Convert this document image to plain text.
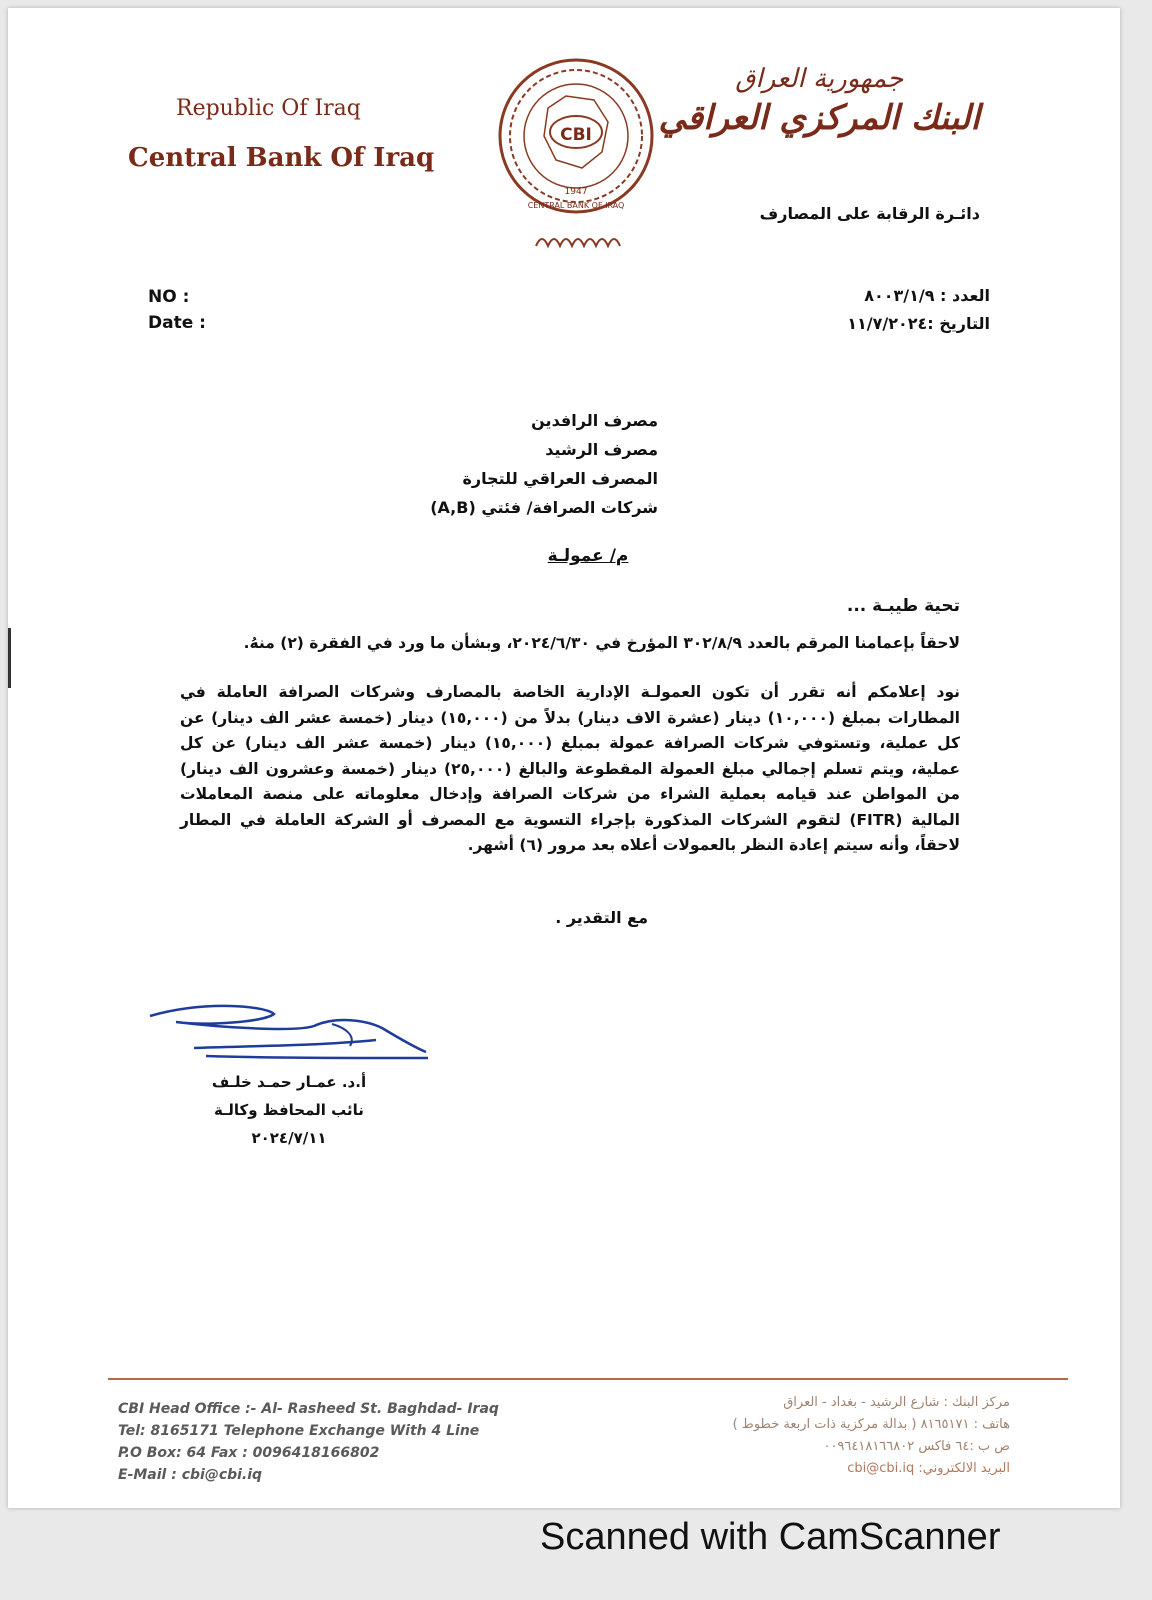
Republic Of Iraq
Central Bank Of Iraq
CBI
1947
CENTRAL BANK OF IRAQ
جمهورية العراق
البنك المركزي العراقي
دائـرة الرقابة على المصارف
NO :
Date :
العدد : ٨٠٠٣/١/٩
التاريخ :١١/٧/٢٠٢٤
مصرف الرافدين
مصرف الرشيد
المصرف العراقي للتجارة
شركات الصرافة/ فئتي (A,B)
م/ عمولـة
تحية طيبـة ...
لاحقاً بإعمامنا المرقم بالعدد ٣٠٢/٨/٩ المؤرخ في ٢٠٢٤/٦/٣٠، وبشأن ما ورد في الفقرة (٢) منهُ.
نود إعلامكم أنه تقرر أن تكون العمولـة الإدارية الخاصة بالمصارف وشركات الصرافة العاملة في المطارات بمبلغ (١٠,٠٠٠) دينار (عشرة الاف دينار) بدلاً من (١٥,٠٠٠) دينار (خمسة عشر الف دينار) عن كل عملية، وتستوفي شركات الصرافة عمولة بمبلغ (١٥,٠٠٠) دينار (خمسة عشر الف دينار) عن كل عملية، ويتم تسلم إجمالي مبلغ العمولة المقطوعة والبالغ (٢٥,٠٠٠) دينار (خمسة وعشرون الف دينار) من المواطن عند قيامه بعملية الشراء من شركات الصرافة وإدخال معلوماته على منصة المعاملات المالية (FITR) لتقوم الشركات المذكورة بإجراء التسوية مع المصرف أو الشركة العاملة في المطار لاحقاً، وأنه سيتم إعادة النظر بالعمولات أعلاه بعد مرور (٦) أشهر.
مع التقدير .
أ.د. عمـار حمـد خلـف
نائب المحافظ وكالـة
٢٠٢٤/٧/١١
CBI Head Office :- Al- Rasheed St. Baghdad- Iraq
Tel: 8165171 Telephone Exchange With 4 Line
P.O Box: 64 Fax : 0096418166802
E-Mail : cbi@cbi.iq
مركز البنك : شارع الرشيد - بغداد - العراق
هاتف : ٨١٦٥١٧١ ( بدالة مركزية ذات اربعة خطوط )
ص ب :٦٤ فاكس ٠٠٩٦٤١٨١٦٦٨٠٢
البريد الالكتروني: cbi@cbi.iq
Scanned with CamScanner
